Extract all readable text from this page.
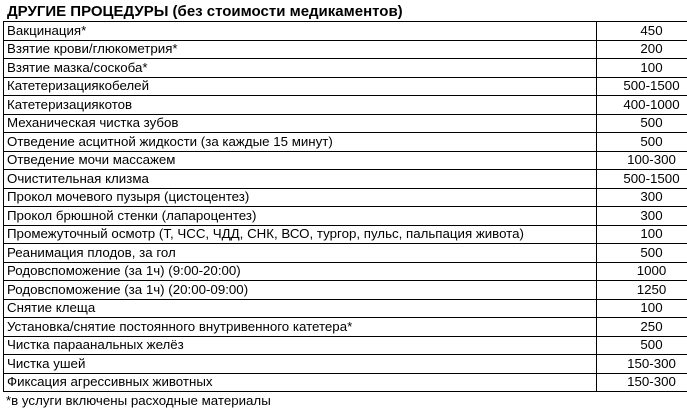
ДРУГИЕ ПРОЦЕДУРЫ (без стоимости медикаментов)
Вакцинация*	450
Взятие крови/глюкометрия*	200
Взятие мазка/соскоба*	100
Катетеризациякобелей	500-1500
Катетеризациякотов	400-1000
Механическая чистка зубов	500
Отведение асцитной жидкости (за каждые 15 минут)	500
Отведение мочи массажем	100-300
Очистительная клизма	500-1500
Прокол мочевого пузыря (цистоцентез)	300
Прокол брюшной стенки (лапароцентез)	300
Промежуточный осмотр (Т, ЧСС, ЧДД, СНК, ВСО, тургор, пульс, пальпация живота)	100
Реанимация плодов, за гол	500
Родовспоможение (за 1ч) (9:00-20:00)	1000
Родовспоможение (за 1ч) (20:00-09:00)	1250
Снятие клеща	100
Установка/снятие постоянного внутривенного катетера*	250
Чистка параанальных желёз	500
Чистка ушей	150-300
Фиксация агрессивных животных	150-300
*в услуги включены расходные материалы
